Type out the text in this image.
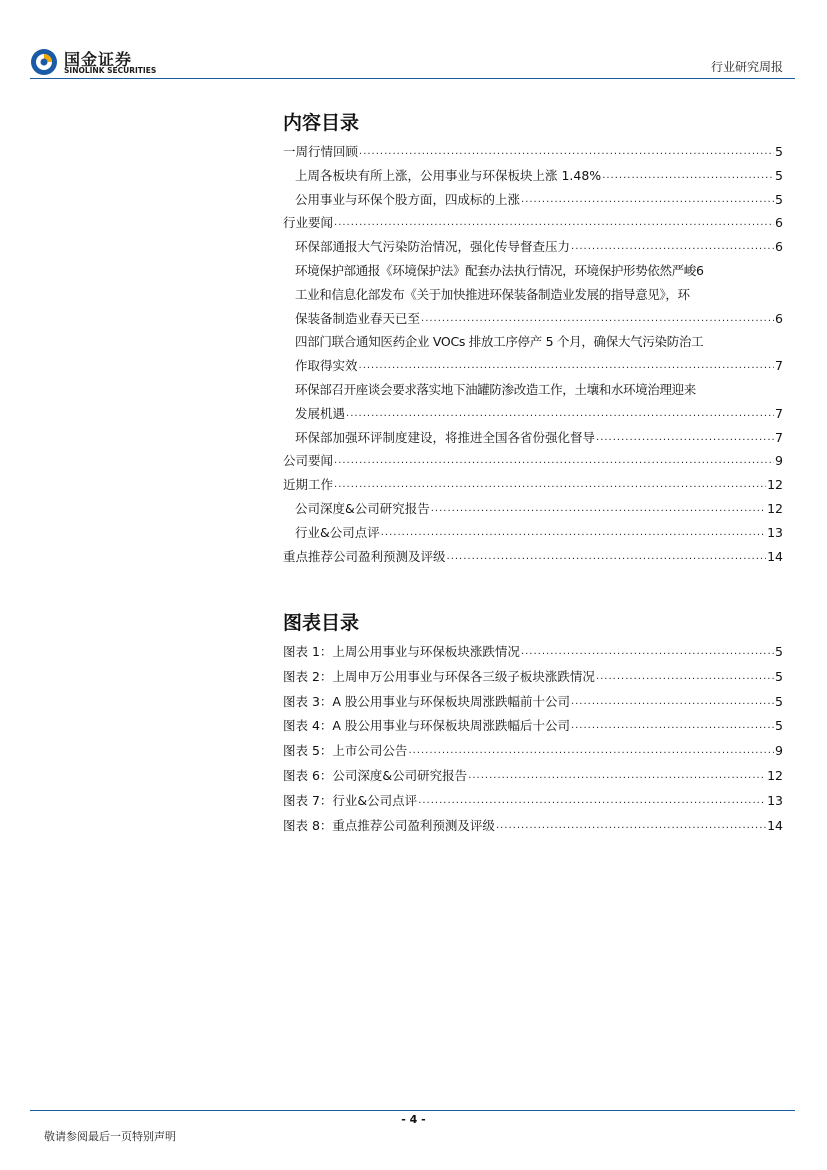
国金证券
SINOLINK SECURITIES	行业研究周报
内容目录
一周行情回顾 .....	5
上周各板块有所上涨，公用事业与环保板块上涨 1.48% .....	5
公用事业与环保个股方面，四成标的上涨 .....	5
行业要闻 .....	6
环保部通报大气污染防治情况，强化传导督查压力 .....	6
环境保护部通报《环境保护法》配套办法执行情况，环境保护形势依然严峻 6
工业和信息化部发布《关于加快推进环保装备制造业发展的指导意见》，环
保装备制造业春天已至 .....	6
四部门联合通知医药企业 VOCs 排放工序停产 5 个月，确保大气污染防治工
作取得实效 .....	7
环保部召开座谈会要求落实地下油罐防渗改造工作，土壤和水环境治理迎来
发展机遇 .....	7
环保部加强环评制度建设，将推进全国各省份强化督导 .....	7
公司要闻 .....	9
近期工作 .....	12
公司深度&公司研究报告 .....	12
行业&公司点评 .....	13
重点推荐公司盈利预测及评级 .....	14
图表目录
图表 1：上周公用事业与环保板块涨跌情况 .....	5
图表 2：上周申万公用事业与环保各三级子板块涨跌情况 .....	5
图表 3：A 股公用事业与环保板块周涨跌幅前十公司 .....	5
图表 4：A 股公用事业与环保板块周涨跌幅后十公司 .....	5
图表 5：上市公司公告 .....	9
图表 6：公司深度&公司研究报告 .....	12
图表 7：行业&公司点评 .....	13
图表 8：重点推荐公司盈利预测及评级 .....	14
- 4 -
敬请参阅最后一页特别声明
